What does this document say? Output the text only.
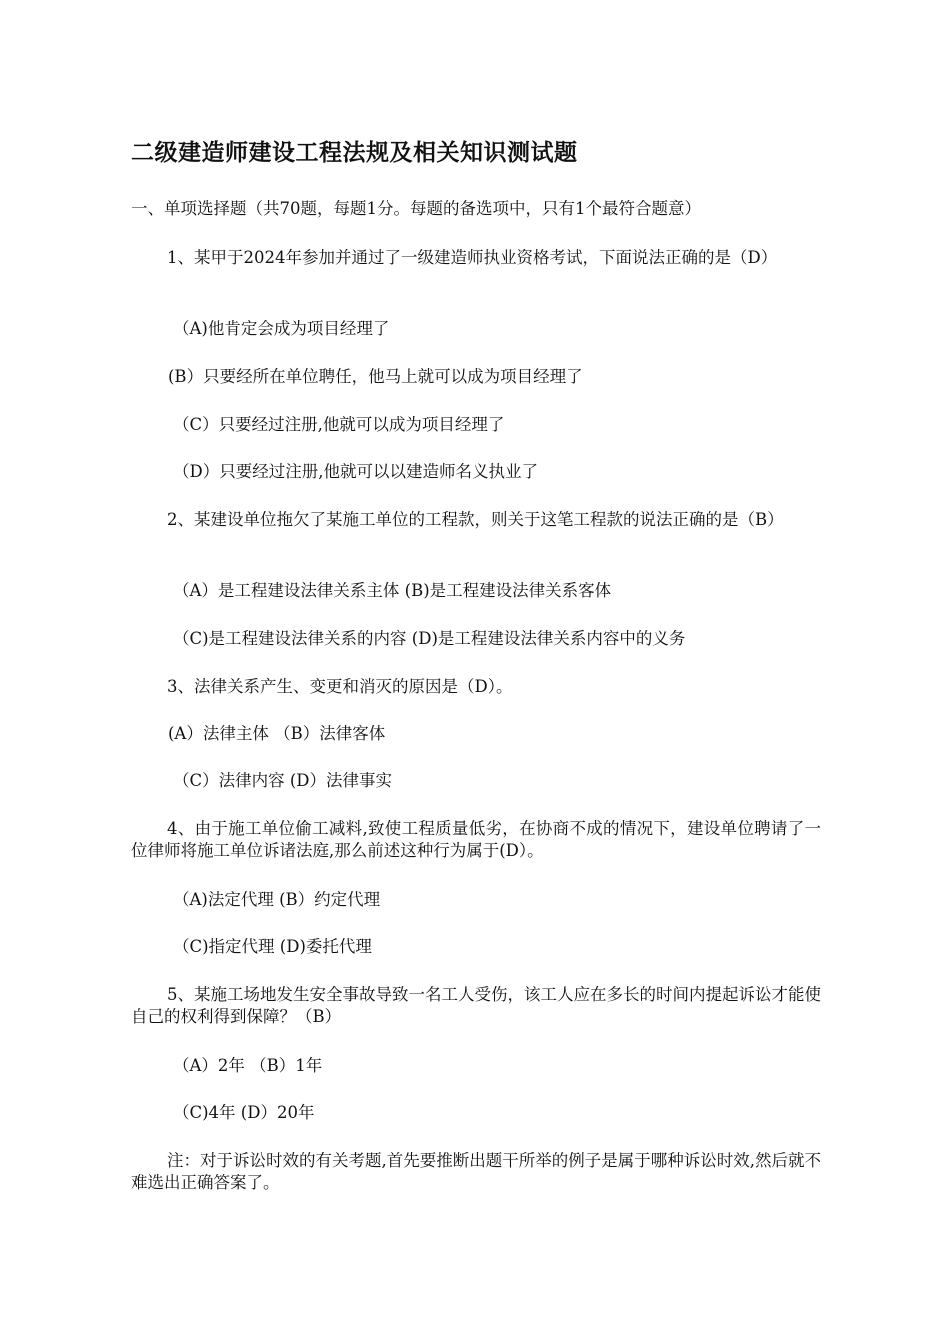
二级建造师建设工程法规及相关知识测试题

一、单项选择题（共70题，每题1分。每题的备选项中，只有1个最符合题意）

1、某甲于2024年参加并通过了一级建造师执业资格考试，下面说法正确的是（D）

（A)他肯定会成为项目经理了

(B）只要经所在单位聘任，他马上就可以成为项目经理了

（C）只要经过注册,他就可以成为项目经理了

（D）只要经过注册,他就可以以建造师名义执业了

2、某建设单位拖欠了某施工单位的工程款，则关于这笔工程款的说法正确的是（B）

（A）是工程建设法律关系主体 (B)是工程建设法律关系客体

（C)是工程建设法律关系的内容 (D)是工程建设法律关系内容中的义务

3、法律关系产生、变更和消灭的原因是（D）。

(A）法律主体 （B）法律客体

（C）法律内容 (D）法律事实

4、由于施工单位偷工减料,致使工程质量低劣，在协商不成的情况下，建设单位聘请了一位律师将施工单位诉诸法庭,那么前述这种行为属于(D）。

（A)法定代理 (B）约定代理

（C)指定代理 (D)委托代理

5、某施工场地发生安全事故导致一名工人受伤，该工人应在多长的时间内提起诉讼才能使自己的权利得到保障？（B）

（A）2年 （B）1年

（C)4年 (D）20年

注：对于诉讼时效的有关考题,首先要推断出题干所举的例子是属于哪种诉讼时效,然后就不难选出正确答案了。
